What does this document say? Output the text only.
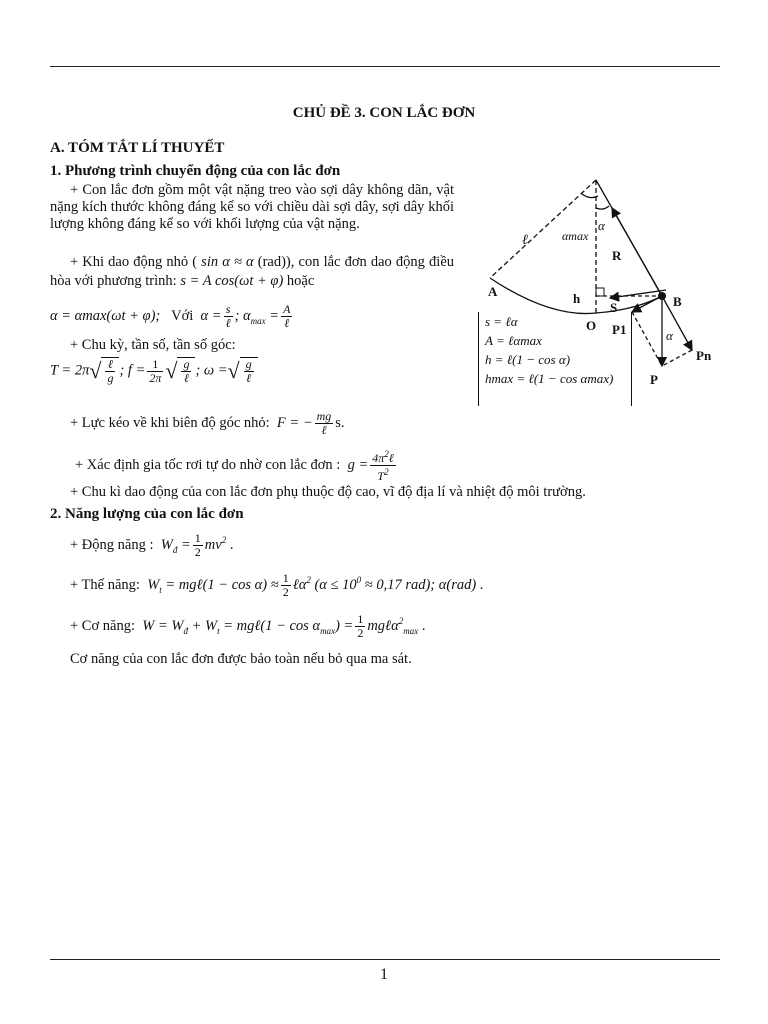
CHỦ ĐỀ 3. CON LẮC ĐƠN
A. TÓM TẮT LÍ THUYẾT
1. Phương trình chuyển động của con lắc đơn
+ Con lắc đơn gồm một vật nặng treo vào sợi dây không dãn, vật nặng kích thước không đáng kể so với chiều dài sợi dây, sợi dây khối lượng không đáng kể so với khối lượng của vật nặng.
+ Khi dao động nhỏ ( sin α ≈ α (rad)), con lắc đơn dao động điều hòa với phương trình: s = A cos(ωt + φ) hoặc
α = αmax(ωt + φ); Với  $\alpha = \frac{s}{\text{ℓ}}$ ; $\alpha_{max} = \frac{A}{\text{ℓ}}$
+ Chu kỳ, tần số, tần số góc:
$T = 2\pi√ \frac{\text{ℓ}}{g}$ ; $f = \frac{1}{2\pi}$ √ $\frac{g}{\text{ℓ}}$ ; ω =√ $\frac{g}{\text{ℓ}}$
+ Lực kéo về khi biên độ góc nhỏ:  F = − $\frac{mg}{\text{ℓ}} s$.
+ Xác định gia tốc rơi tự do nhờ con lắc đơn :  $g = \frac{4\pi^2\ell}{T^2}$
+ Chu kì dao động của con lắc đơn phụ thuộc độ cao, vĩ độ địa lí và nhiệt độ môi trường.
2. Năng lượng của con lắc đơn
+ Động năng :  $W_đ = \frac{1}{2} mv^2$ .
+ Thế năng:  $W_t$ = mgℓ(1 − $\cos \alpha) \approx \frac{1}{2}$ ℓα$^2$ ($\alpha \le 10^0 \approx 0,17$ rad); α(rad) .
+ Cơ năng:  $W = W_đ + W_t$ = mgℓ(1 − $\cos \alpha_{max}) = \frac{1}{2}$ mgℓα$^2_{max}$ .
Cơ năng của con lắc đơn được bảo toàn nếu bỏ qua ma sát.
ℓ	αmax
α
A
B
O
S
h
R
P1
P
Pn
α
s = ℓα
A = ℓαmax
h = ℓ(1 − cos α)
hmax = ℓ(1 − cos αmax)
1
